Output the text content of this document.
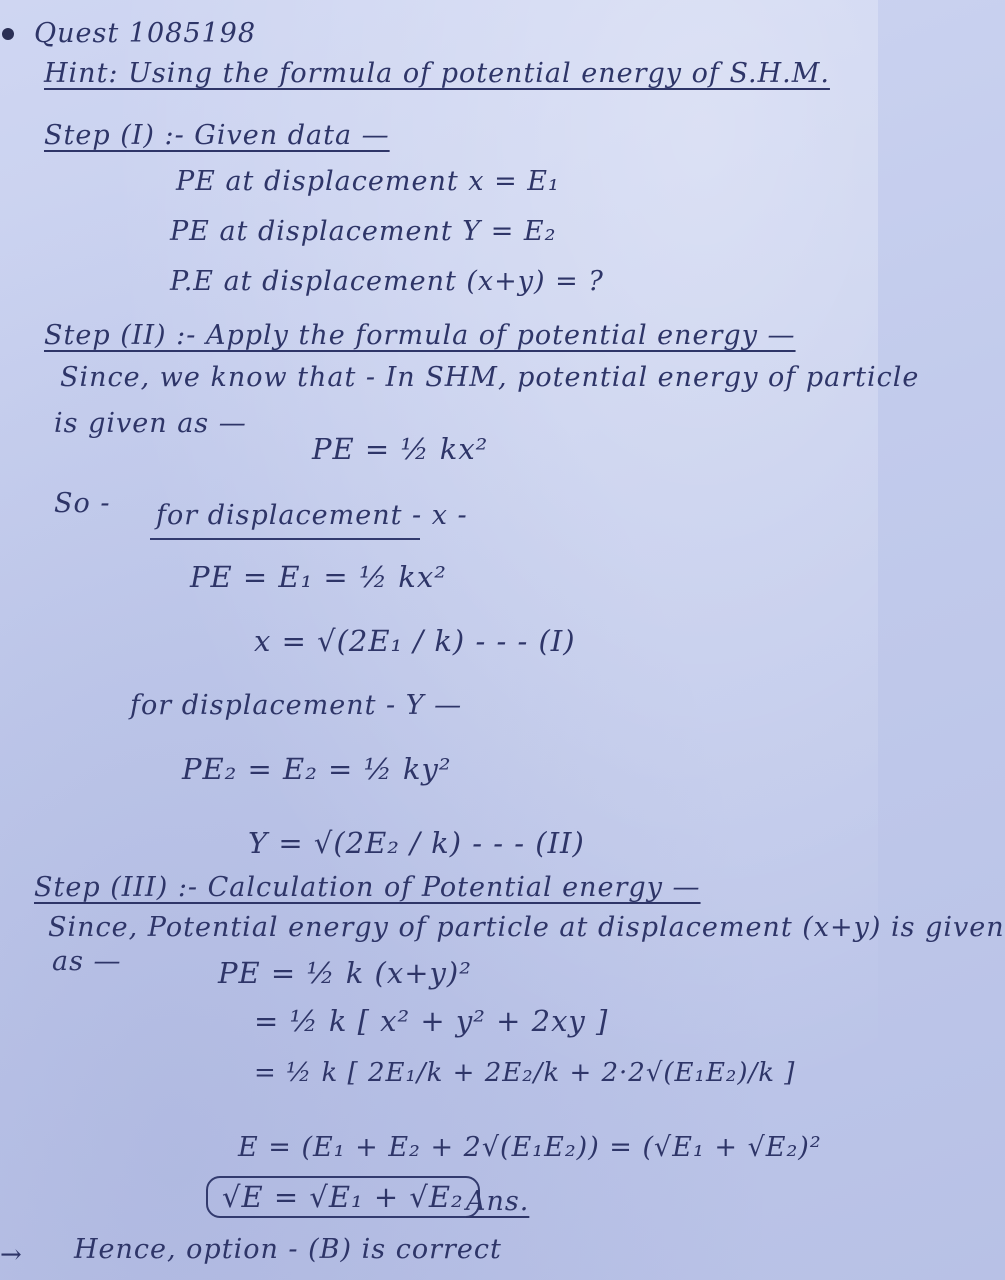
Quest 1085198
Hint: Using the formula of potential energy of S.H.M.
Step (I) :- Given data —
PE at displacement x = E₁
PE at displacement Y = E₂
P.E at displacement (x+y) = ?
Step (II) :- Apply the formula of potential energy —
Since, we know that - In SHM, potential energy of particle
is given as —
PE = ½ kx²
So - for displacement - x -
PE = E₁ = ½ kx²
x = √(2E₁ / k) - - - (I)
for displacement - Y —
PE₂ = E₂ = ½ ky²
Y = √(2E₂ / k) - - - (II)
Step (III) :- Calculation of Potential energy —
Since, Potential energy of particle at displacement (x+y) is given
as —	PE = ½ k (x+y)²
= ½ k [ x² + y² + 2xy ]
= ½ k [ 2E₁/k + 2E₂/k + 2·2√(E₁E₂)/k ]
E = (E₁ + E₂ + 2√(E₁E₂)) = (√E₁ + √E₂)²
√E = √E₁ + √E₂ Ans.
→ Hence, option - (B) is correct
